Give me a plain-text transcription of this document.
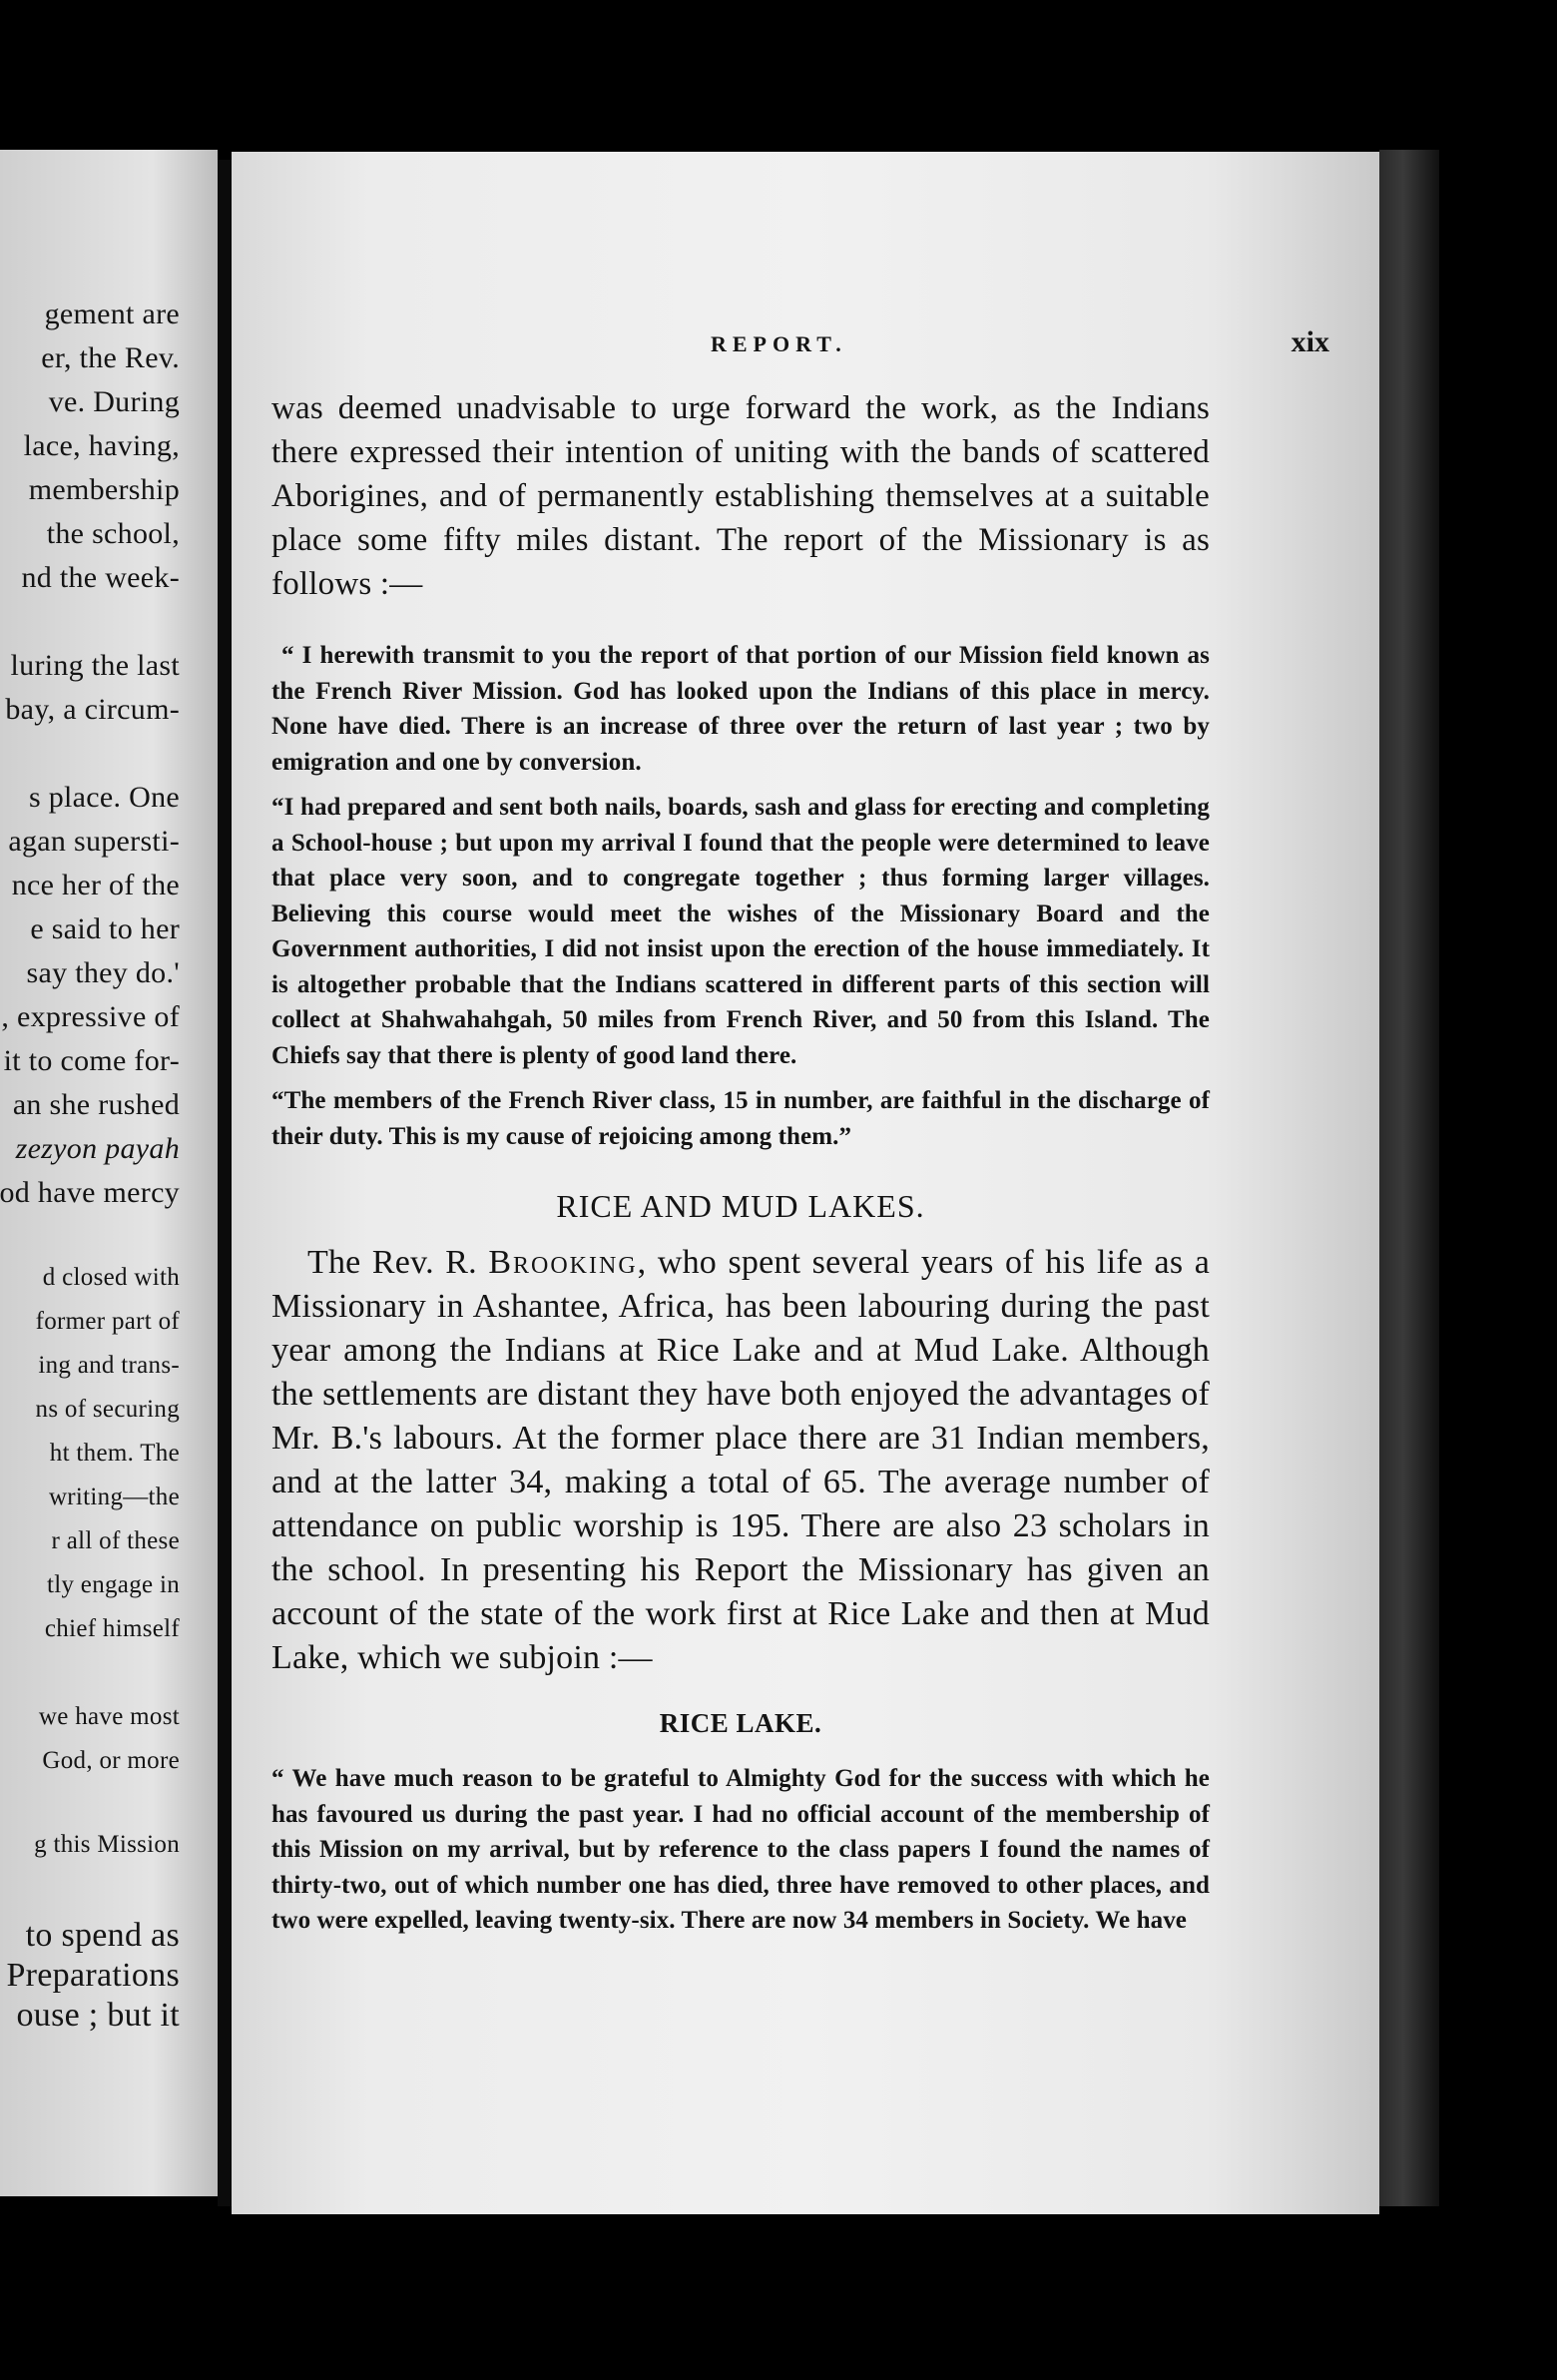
gement are
er, the Rev.
ve. During
lace, having,
membership
the school,
nd the week-
luring the last
bay, a circum-
s place. One
agan supersti-
nce her of the
e said to her
say they do.'
, expressive of
it to come for-
an she rushed
zezyon payah
od have mercy
d closed with
former part of
ing and trans-
ns of securing
ht them. The
writing—the
r all of these
tly engage in
chief himself
we have most
God, or more
g this Mission
to spend as
Preparations
ouse ; but it
REPORT.	xix

was deemed unadvisable to urge forward the work, as the Indians there expressed their intention of uniting with the bands of scattered Aborigines, and of permanently establishing themselves at a suitable place some fifty miles distant. The report of the Missionary is as follows :—

“ I herewith transmit to you the report of that portion of our Mission field known as the French River Mission. God has looked upon the Indians of this place in mercy. None have died. There is an increase of three over the return of last year ; two by emigration and one by conversion.

“I had prepared and sent both nails, boards, sash and glass for erecting and completing a School-house ; but upon my arrival I found that the people were determined to leave that place very soon, and to congregate together ; thus forming larger villages. Believing this course would meet the wishes of the Missionary Board and the Government authorities, I did not insist upon the erection of the house immediately. It is altogether probable that the Indians scattered in different parts of this section will collect at Shahwahahgah, 50 miles from French River, and 50 from this Island. The Chiefs say that there is plenty of good land there.

“The members of the French River class, 15 in number, are faithful in the discharge of their duty. This is my cause of rejoicing among them.”

RICE AND MUD LAKES.

The Rev. R. Brooking, who spent several years of his life as a Missionary in Ashantee, Africa, has been labouring during the past year among the Indians at Rice Lake and at Mud Lake. Although the settlements are distant they have both enjoyed the advantages of Mr. B.'s labours. At the former place there are 31 Indian members, and at the latter 34, making a total of 65. The average number of attendance on public worship is 195. There are also 23 scholars in the school. In presenting his Report the Missionary has given an account of the state of the work first at Rice Lake and then at Mud Lake, which we subjoin :—

RICE LAKE.

“ We have much reason to be grateful to Almighty God for the success with which he has favoured us during the past year. I had no official account of the membership of this Mission on my arrival, but by reference to the class papers I found the names of thirty-two, out of which number one has died, three have removed to other places, and two were expelled, leaving twenty-six. There are now 34 members in Society. We have
